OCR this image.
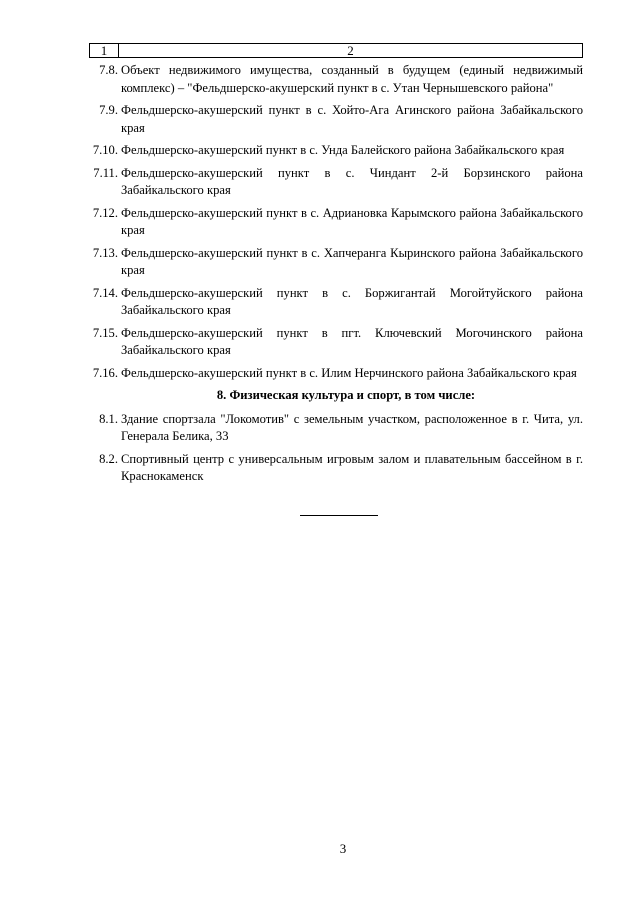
1	2
7.8. Объект недвижимого имущества, созданный в будущем (единый недвижимый комплекс) – "Фельдшерско-акушерский пункт в с. Утан Чернышевского района"
7.9. Фельдшерско-акушерский пункт в с. Хойто-Ага Агинского района Забайкальского края
7.10. Фельдшерско-акушерский пункт в с. Унда Балейского района Забайкальского края
7.11. Фельдшерско-акушерский пункт в с. Чиндант 2-й Борзинского района Забайкальского края
7.12. Фельдшерско-акушерский пункт в с. Адриановка Карымского района Забайкальского края
7.13. Фельдшерско-акушерский пункт в с. Хапчеранга Кыринского района Забайкальского края
7.14. Фельдшерско-акушерский пункт в с. Боржигантай Могойтуйского района Забайкальского края
7.15. Фельдшерско-акушерский пункт в пгт. Ключевский Могочинского района Забайкальского края
7.16. Фельдшерско-акушерский пункт в с. Илим Нерчинского района Забайкальского края
8. Физическая культура и спорт, в том числе:
8.1. Здание спортзала "Локомотив" с земельным участком, расположенное в г. Чита, ул. Генерала Белика, 33
8.2. Спортивный центр с универсальным игровым залом и плавательным бассейном в г. Краснокаменск
3
